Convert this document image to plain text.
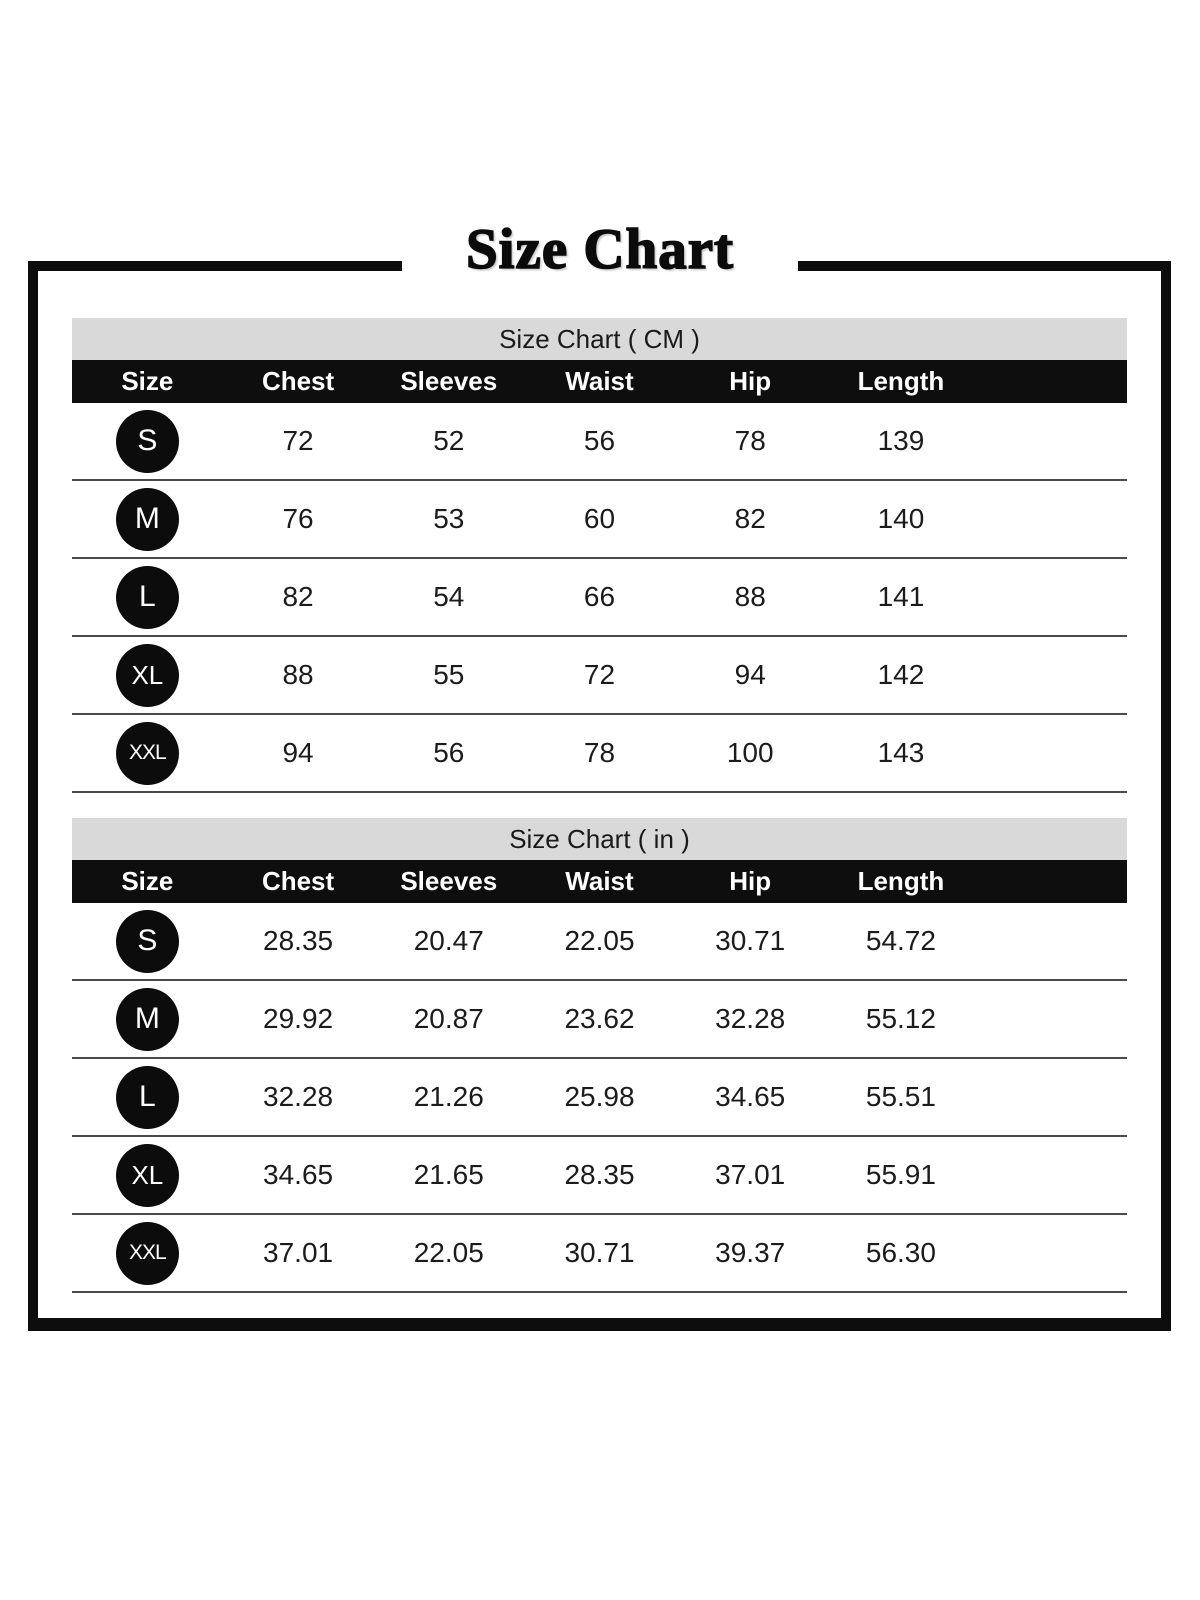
Size Chart
Size Chart ( CM )
Size	Chest	Sleeves	Waist	Hip	Length
S	72	52	56	78	139
M	76	53	60	82	140
L	82	54	66	88	141
XL	88	55	72	94	142
XXL	94	56	78	100	143
Size Chart ( in )
Size	Chest	Sleeves	Waist	Hip	Length
S	28.35	20.47	22.05	30.71	54.72
M	29.92	20.87	23.62	32.28	55.12
L	32.28	21.26	25.98	34.65	55.51
XL	34.65	21.65	28.35	37.01	55.91
XXL	37.01	22.05	30.71	39.37	56.30
